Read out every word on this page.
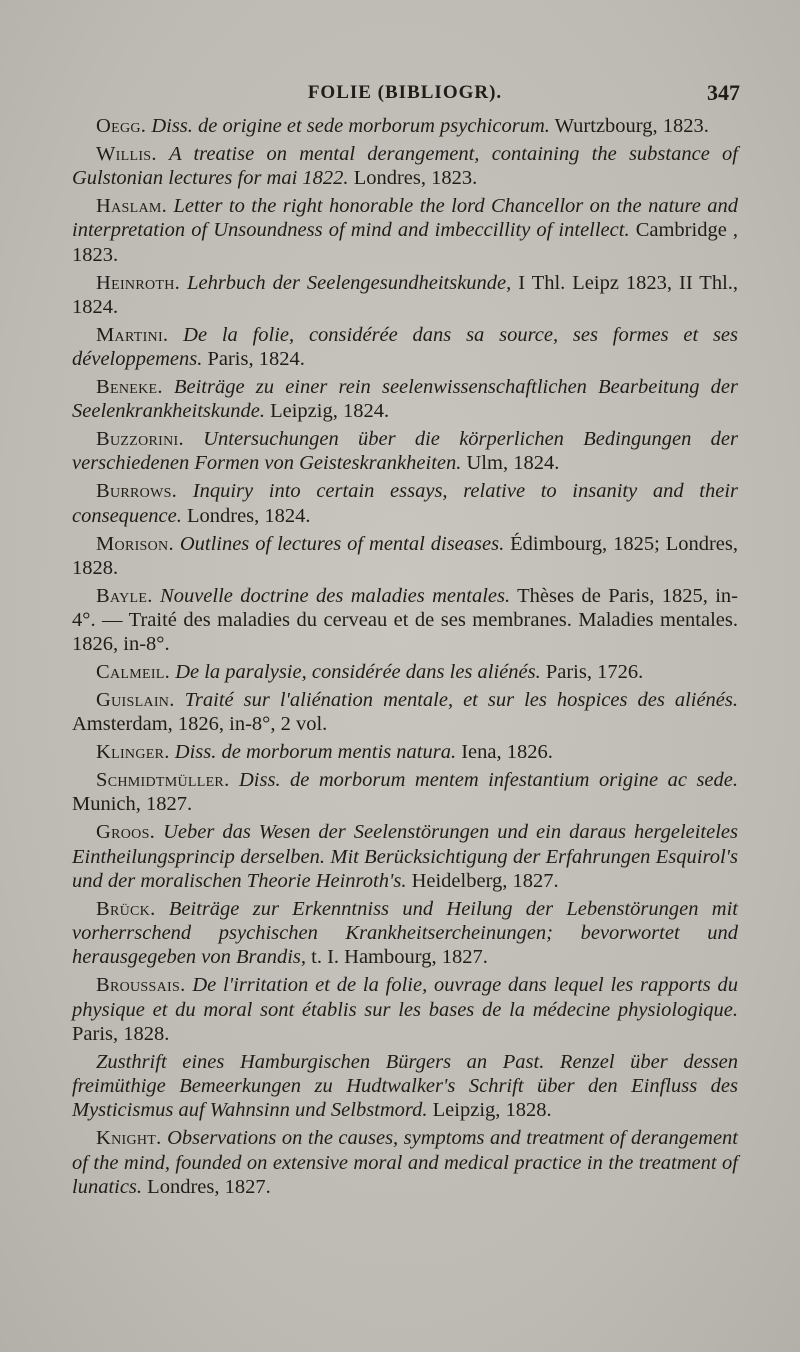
FOLIE (BIBLIOGR).	347

Oegg. Diss. de origine et sede morborum psychicorum. Wurtzbourg, 1823.

Willis. A treatise on mental derangement, containing the substance of Gulstonian lectures for mai 1822. Londres, 1823.

Haslam. Letter to the right honorable the lord Chancellor on the nature and interpretation of Unsoundness of mind and imbeccillity of intellect. Cambridge , 1823.

Heinroth. Lehrbuch der Seelengesundheitskunde, I Thl. Leipz 1823, II Thl., 1824.

Martini. De la folie, considérée dans sa source, ses formes et ses développemens. Paris, 1824.

Beneke. Beiträge zu einer rein seelenwissenschaftlichen Bearbeitung der Seelenkrankheitskunde. Leipzig, 1824.

Buzzorini. Untersuchungen über die körperlichen Bedingungen der verschiedenen Formen von Geisteskrankheiten. Ulm, 1824.

Burrows. Inquiry into certain essays, relative to insanity and their consequence. Londres, 1824.

Morison. Outlines of lectures of mental diseases. Édimbourg, 1825; Londres, 1828.

Bayle. Nouvelle doctrine des maladies mentales. Thèses de Paris, 1825, in-4°. — Traité des maladies du cerveau et de ses membranes. Maladies mentales. 1826, in-8°.

Calmeil. De la paralysie, considérée dans les aliénés. Paris, 1726.

Guislain. Traité sur l'aliénation mentale, et sur les hospices des aliénés. Amsterdam, 1826, in-8°, 2 vol.

Klinger. Diss. de morborum mentis natura. Iena, 1826.

Schmidtmüller. Diss. de morborum mentem infestantium origine ac sede. Munich, 1827.

Groos. Ueber das Wesen der Seelenstörungen und ein daraus hergeleiteles Eintheilungsprincip derselben. Mit Berücksichtigung der Erfahrungen Esquirol's und der moralischen Theorie Heinroth's. Heidelberg, 1827.

Brück. Beiträge zur Erkenntniss und Heilung der Lebenstörungen mit vorherrschend psychischen Krankheitsercheinungen; bevorwortet und herausgegeben von Brandis, t. I. Hambourg, 1827.

Broussais. De l'irritation et de la folie, ouvrage dans lequel les rapports du physique et du moral sont établis sur les bases de la médecine physiologique. Paris, 1828.

Zusthrift eines Hamburgischen Bürgers an Past. Renzel über dessen freimüthige Bemeerkungen zu Hudtwalker's Schrift über den Einfluss des Mysticismus auf Wahnsinn und Selbstmord. Leipzig, 1828.

Knight. Observations on the causes, symptoms and treatment of derangement of the mind, founded on extensive moral and medical practice in the treatment of lunatics. Londres, 1827.
